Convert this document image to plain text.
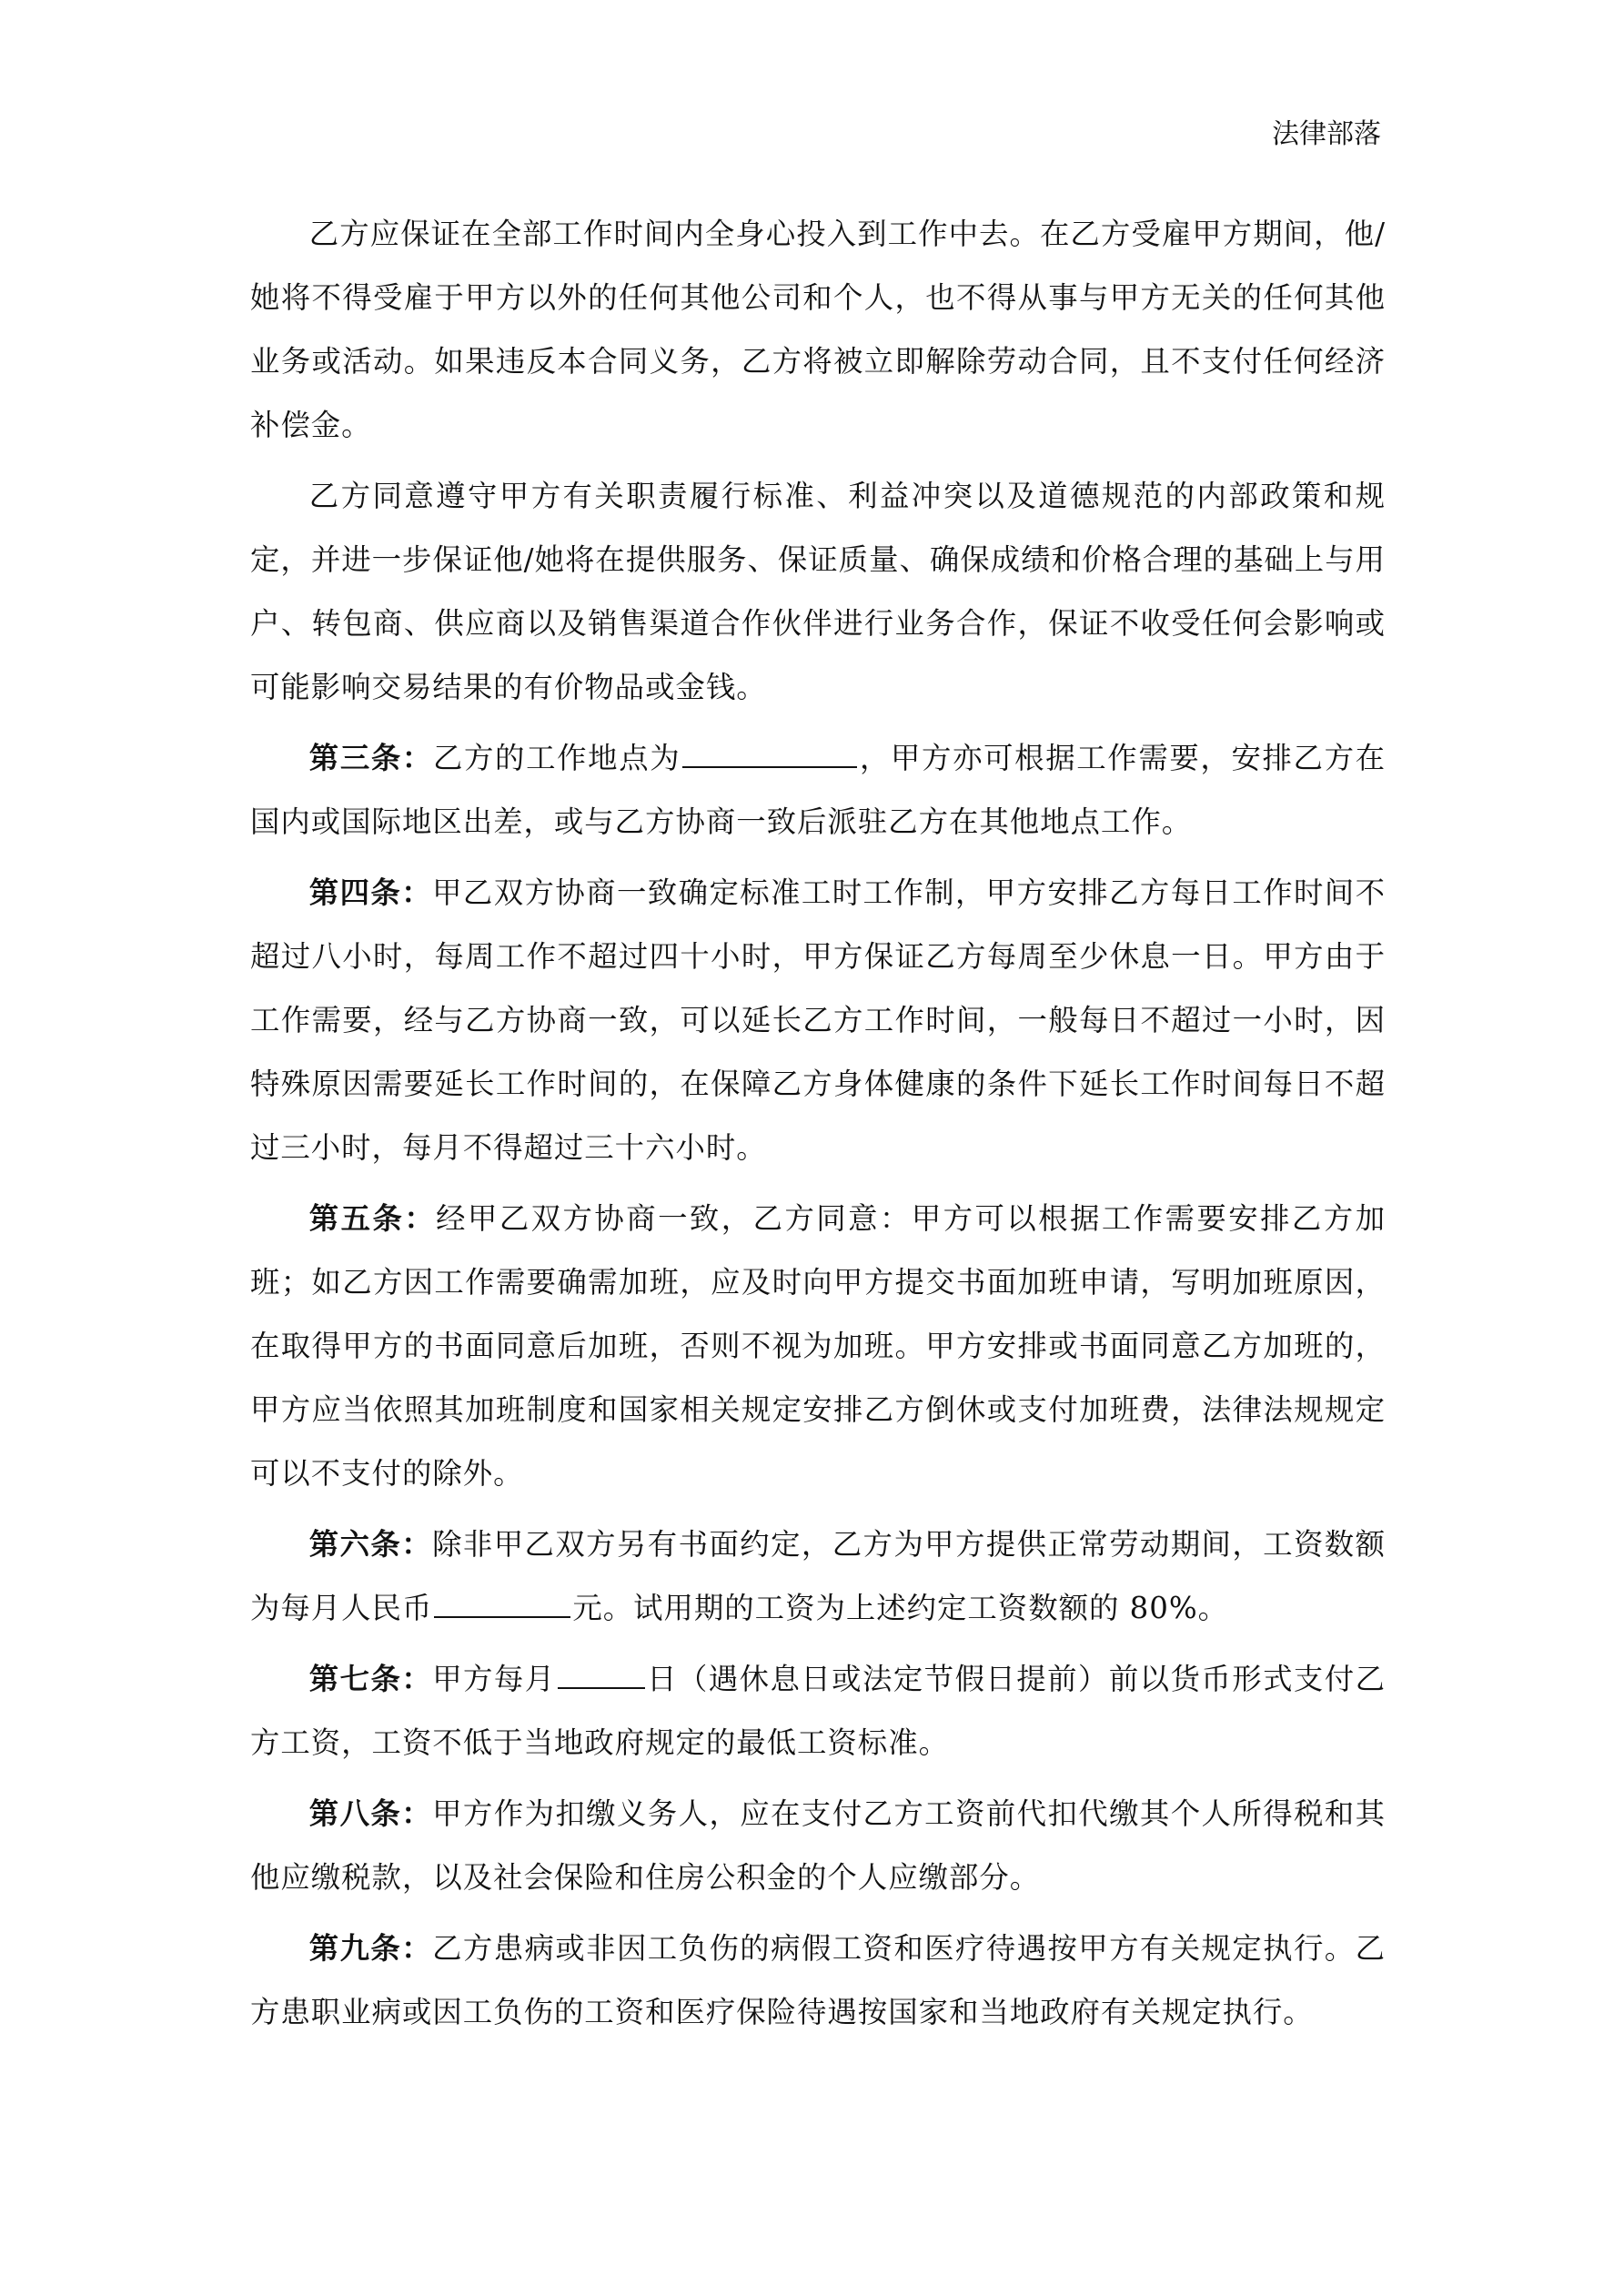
法律部落

乙方应保证在全部工作时间内全身心投入到工作中去。在乙方受雇甲方期间，他/她将不得受雇于甲方以外的任何其他公司和个人，也不得从事与甲方无关的任何其他业务或活动。如果违反本合同义务，乙方将被立即解除劳动合同，且不支付任何经济补偿金。

乙方同意遵守甲方有关职责履行标准、利益冲突以及道德规范的内部政策和规定，并进一步保证他/她将在提供服务、保证质量、确保成绩和价格合理的基础上与用户、转包商、供应商以及销售渠道合作伙伴进行业务合作，保证不收受任何会影响或可能影响交易结果的有价物品或金钱。

第三条：乙方的工作地点为	，甲方亦可根据工作需要，安排乙方在国内或国际地区出差，或与乙方协商一致后派驻乙方在其他地点工作。

第四条：甲乙双方协商一致确定标准工时工作制，甲方安排乙方每日工作时间不超过八小时，每周工作不超过四十小时，甲方保证乙方每周至少休息一日。甲方由于工作需要，经与乙方协商一致，可以延长乙方工作时间，一般每日不超过一小时，因特殊原因需要延长工作时间的，在保障乙方身体健康的条件下延长工作时间每日不超过三小时，每月不得超过三十六小时。

第五条：经甲乙双方协商一致，乙方同意：甲方可以根据工作需要安排乙方加班；如乙方因工作需要确需加班，应及时向甲方提交书面加班申请，写明加班原因，在取得甲方的书面同意后加班，否则不视为加班。甲方安排或书面同意乙方加班的，甲方应当依照其加班制度和国家相关规定安排乙方倒休或支付加班费，法律法规规定可以不支付的除外。

第六条：除非甲乙双方另有书面约定，乙方为甲方提供正常劳动期间，工资数额为每月人民币	元。试用期的工资为上述约定工资数额的 80%。

第七条：甲方每月	日（遇休息日或法定节假日提前）前以货币形式支付乙方工资，工资不低于当地政府规定的最低工资标准。

第八条：甲方作为扣缴义务人，应在支付乙方工资前代扣代缴其个人所得税和其他应缴税款，以及社会保险和住房公积金的个人应缴部分。

第九条：乙方患病或非因工负伤的病假工资和医疗待遇按甲方有关规定执行。乙方患职业病或因工负伤的工资和医疗保险待遇按国家和当地政府有关规定执行。
